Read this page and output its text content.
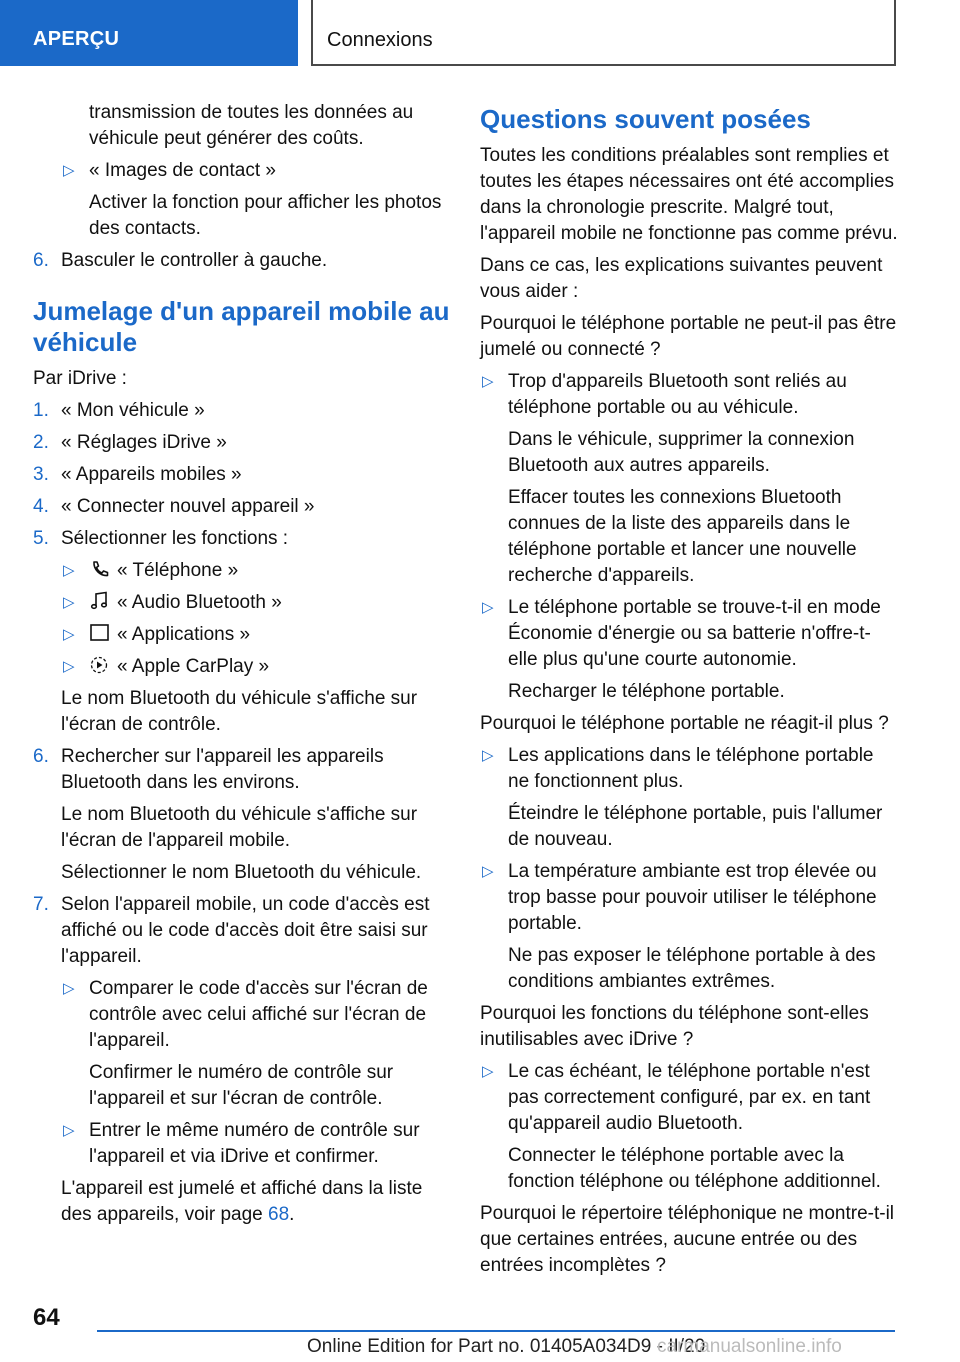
APERÇU	Connexions
transmission de toutes les données au véhicule peut générer des coûts.
▷ « Images de contact »
Activer la fonction pour afficher les photos des contacts.
6. Basculer le controller à gauche.
Jumelage d'un appareil mobile au véhicule
Par iDrive :
1. « Mon véhicule »
2. « Réglages iDrive »
3. « Appareils mobiles »
4. « Connecter nouvel appareil »
5. Sélectionner les fonctions :
▷	« Téléphone »
▷	« Audio Bluetooth »
▷	« Applications »
▷	« Apple CarPlay »
Le nom Bluetooth du véhicule s'affiche sur l'écran de contrôle.
6. Rechercher sur l'appareil les appareils Bluetooth dans les environs.
Le nom Bluetooth du véhicule s'affiche sur l'écran de l'appareil mobile.
Sélectionner le nom Bluetooth du véhicule.
7. Selon l'appareil mobile, un code d'accès est affiché ou le code d'accès doit être saisi sur l'appareil.
▷ Comparer le code d'accès sur l'écran de contrôle avec celui affiché sur l'écran de l'appareil.
Confirmer le numéro de contrôle sur l'appareil et sur l'écran de contrôle.
▷ Entrer le même numéro de contrôle sur l'appareil et via iDrive et confirmer.
L'appareil est jumelé et affiché dans la liste des appareils, voir page 68.
Questions souvent posées
Toutes les conditions préalables sont remplies et toutes les étapes nécessaires ont été accomplies dans la chronologie prescrite. Malgré tout, l'appareil mobile ne fonctionne pas comme prévu.
Dans ce cas, les explications suivantes peuvent vous aider :
Pourquoi le téléphone portable ne peut-il pas être jumelé ou connecté ?
▷ Trop d'appareils Bluetooth sont reliés au téléphone portable ou au véhicule.
Dans le véhicule, supprimer la connexion Bluetooth aux autres appareils.
Effacer toutes les connexions Bluetooth connues de la liste des appareils dans le téléphone portable et lancer une nouvelle recherche d'appareils.
▷ Le téléphone portable se trouve-t-il en mode Économie d'énergie ou sa batterie n'offre-t-elle plus qu'une courte autonomie.
Recharger le téléphone portable.
Pourquoi le téléphone portable ne réagit-il plus ?
▷ Les applications dans le téléphone portable ne fonctionnent plus.
Éteindre le téléphone portable, puis l'allumer de nouveau.
▷ La température ambiante est trop élevée ou trop basse pour pouvoir utiliser le téléphone portable.
Ne pas exposer le téléphone portable à des conditions ambiantes extrêmes.
Pourquoi les fonctions du téléphone sont-elles inutilisables avec iDrive ?
▷ Le cas échéant, le téléphone portable n'est pas correctement configuré, par ex. en tant qu'appareil audio Bluetooth.
Connecter le téléphone portable avec la fonction téléphone ou téléphone additionnel.
Pourquoi le répertoire téléphonique ne montre-t-il que certaines entrées, aucune entrée ou des entrées incomplètes ?
64
Online Edition for Part no. 01405A034D9 - II/20
carmanualsonline.info
